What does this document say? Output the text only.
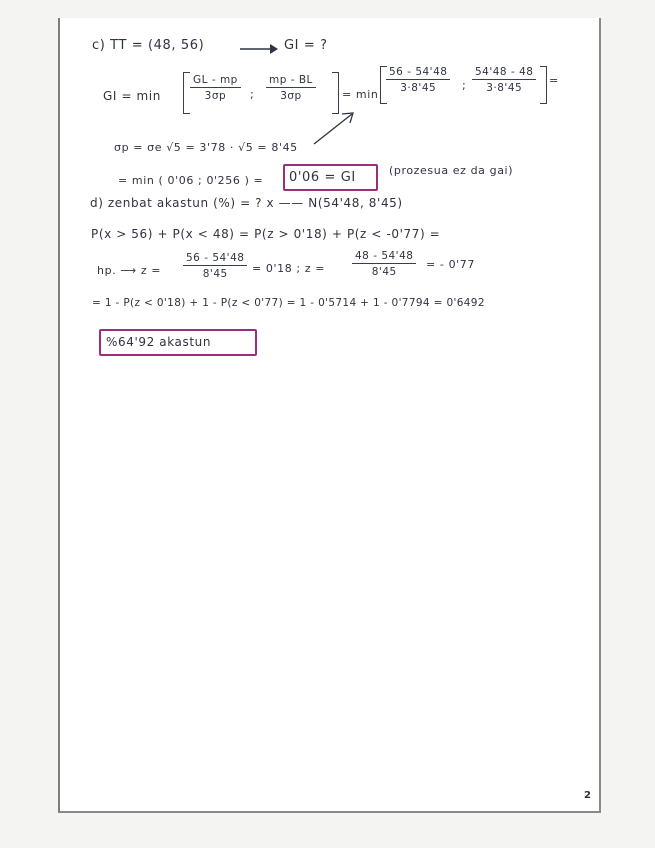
c) TT = (48, 56)	GI = ?
GI = min	$\frac{GL - mp}{3\sigma p}$ ; $\frac{mp - BL}{3\sigma p} = \min$
$\frac{56 - 54'48}{3\cdot 8'45}$ ; $\frac{54'48 - 48}{3\cdot 8'45}$ =
σp = σe √5 = 3'78 · √5 = 8'45
= min ( 0'06 ; 0'256 ) = 0'06 = GI	(prozesua ez da gai)
d) zenbat akastun (%) = ? x —— N(54'48, 8'45)
P(x > 56) + P(x < 48) = P(z > 0'18) + P(z < -0'77) =
hp. ⟶ $z = \frac{56 - 54'48}{8'45} = 0'18$ ; z =	$\frac{48 - 54'48}{8'45}$ = - 0'77
= 1 - P(z < 0'18) + 1 - P(z < 0'77) = 1 - 0'5714 + 1 - 0'7794 = 0'6492
%64'92 akastun
2
